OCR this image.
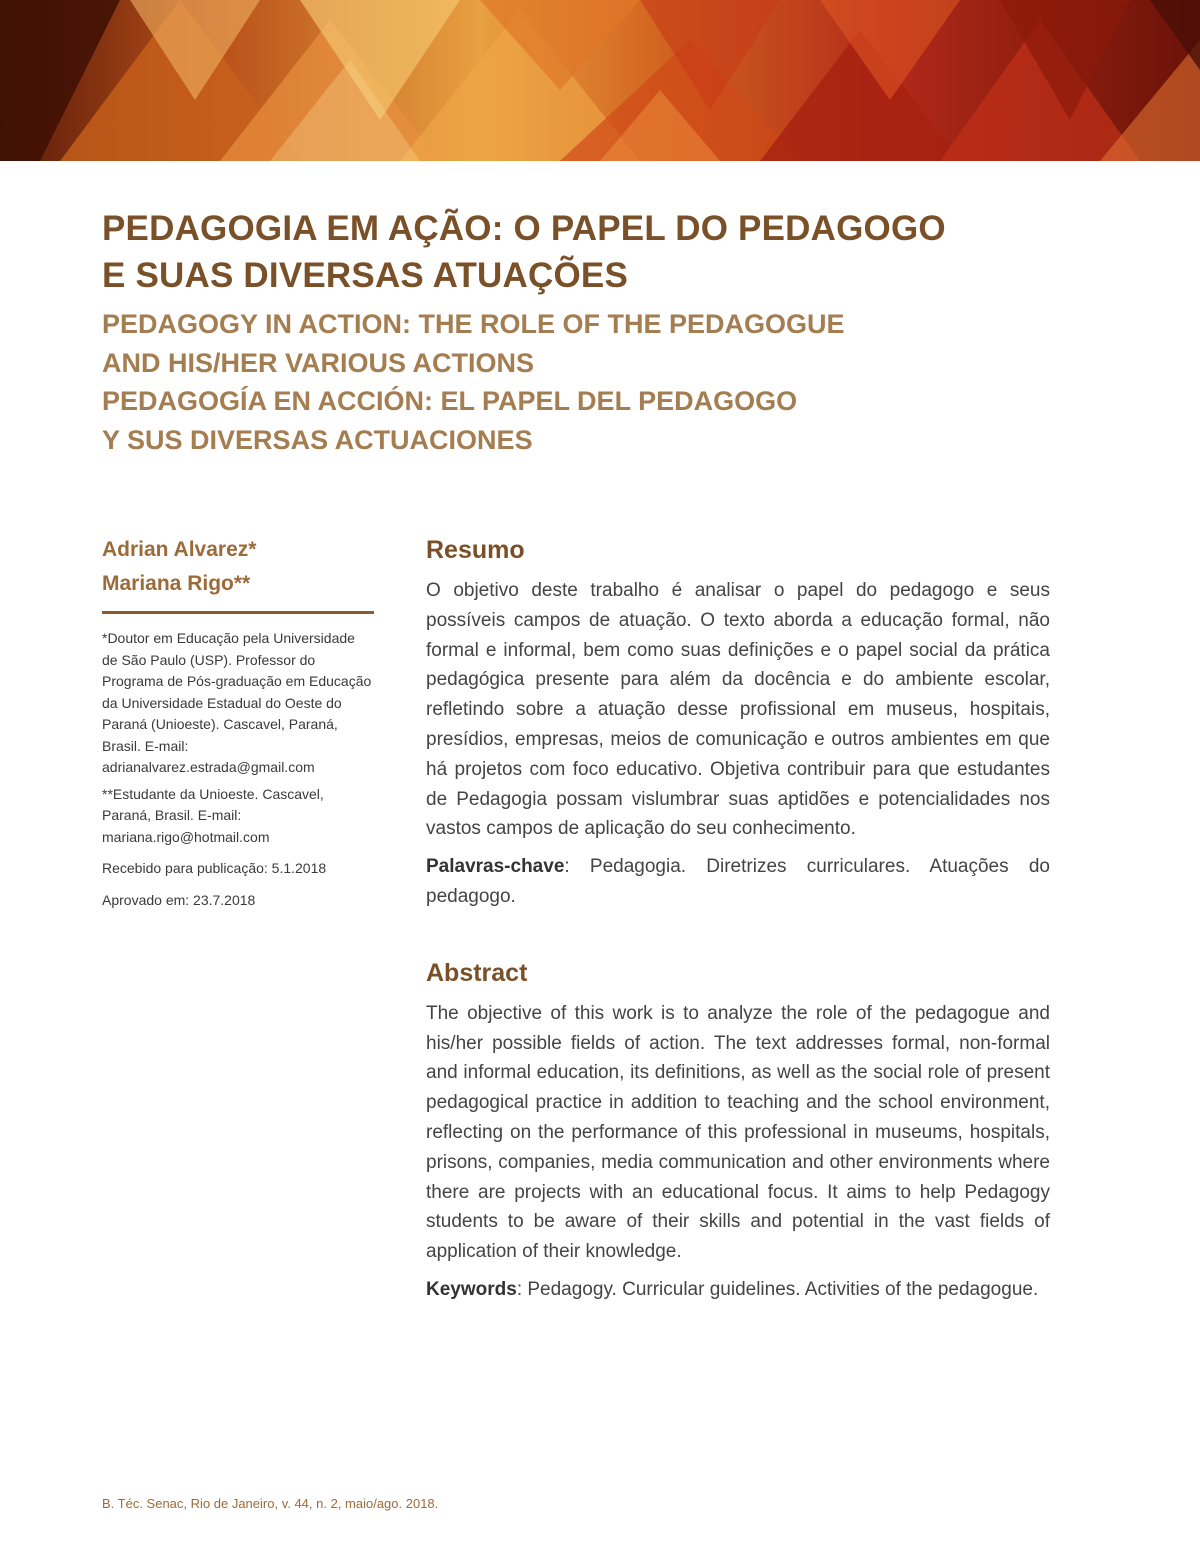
PEDAGOGIA EM AÇÃO: O PAPEL DO PEDAGOGO

E SUAS DIVERSAS ATUAÇÕES

PEDAGOGY IN ACTION: THE ROLE OF THE PEDAGOGUE

AND HIS/HER VARIOUS ACTIONS

PEDAGOGÍA EN ACCIÓN: EL PAPEL DEL PEDAGOGO

Y SUS DIVERSAS ACTUACIONES

Adrian Alvarez*

Mariana Rigo**

*Doutor em Educação pela Universidade de São Paulo (USP). Professor do Programa de Pós-graduação em Educação da Universidade Estadual do Oeste do Paraná (Unioeste). Cascavel, Paraná, Brasil. E-mail: adrianalvarez.estrada@gmail.com

**Estudante da Unioeste. Cascavel, Paraná, Brasil. E-mail: mariana.rigo@hotmail.com

Recebido para publicação: 5.1.2018

Aprovado em: 23.7.2018

Resumo

O objetivo deste trabalho é analisar o papel do pedagogo e seus possíveis campos de atuação. O texto aborda a educação formal, não formal e informal, bem como suas definições e o papel social da prática pedagógica presente para além da docência e do ambiente escolar, refletindo sobre a atuação desse profissional em museus, hospitais, presídios, empresas, meios de comunicação e outros ambientes em que há projetos com foco educativo. Objetiva contribuir para que estudantes de Pedagogia possam vislumbrar suas aptidões e potencialidades nos vastos campos de aplicação do seu conhecimento.

Palavras-chave: Pedagogia. Diretrizes curriculares. Atuações do pedagogo.

Abstract

The objective of this work is to analyze the role of the pedagogue and his/her possible fields of action. The text addresses formal, non-formal and informal education, its definitions, as well as the social role of present pedagogical practice in addition to teaching and the school environment, reflecting on the performance of this professional in museums, hospitals, prisons, companies, media communication and other environments where there are projects with an educational focus. It aims to help Pedagogy students to be aware of their skills and potential in the vast fields of application of their knowledge.

Keywords: Pedagogy. Curricular guidelines. Activities of the pedagogue.

B. Téc. Senac, Rio de Janeiro, v. 44, n. 2, maio/ago. 2018.
